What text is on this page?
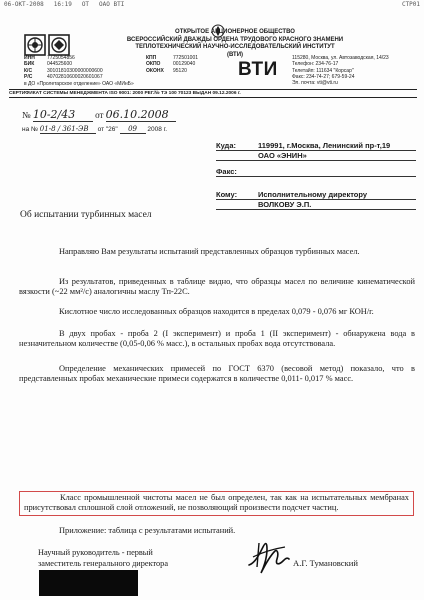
06-OKT-2008 16:19 OT OAO BTI	CTP01
ОТКРЫТОЕ АКЦИОНЕРНОЕ ОБЩЕСТВО
ВСЕРОССИЙСКИЙ ДВАЖДЫ ОРДЕНА ТРУДОВОГО КРАСНОГО ЗНАМЕНИ
ТЕПЛОТЕХНИЧЕСКИЙ НАУЧНО-ИССЛЕДОВАТЕЛЬСКИЙ ИНСТИТУТ
(ВТИ)
ИНН	7725054856
БИК	044525600
К/С	30101810300000000600
Р/С	40702810600020601067
в ДО «Пролетарское отделение» ОАО «МИнБ»
КПП	772501001
ОКПО	00129040
ОКОНХ	95120	ВТИ
115280, Москва, ул. Автозаводская, 14/23
Телефон: 234-76-17
Телетайп: 111634 "Корсар"
Факс: 234-74-27; 679-59-24
Эл. почта: vti@vti.ru
СЕРТИФИКАТ СИСТЕМЫ МЕНЕДЖМЕНТА ISO 9001: 2000 РЕГ.№ ТЭ 100 70123 ВЫДАН 09.12.2006 г.
№ 10-2/43 от 06.10.2008
на № 01-8 / 361-ЭВ от "26" 09 2008 г.
Куда:	119991, г.Москва, Ленинский пр-т,19
ОАО «ЭНИН»
Факс:
Кому:	Исполнительному директору
ВОЛКОВУ Э.П.
Об испытании турбинных масел

Направляю Вам результаты испытаний представленных образцов турбинных масел.

Из результатов, приведенных в таблице видно, что образцы масел по величине кинематической вязкости (~22 мм²/с) аналогичны маслу Тп-22С.

Кислотное число исследованных образцов находится в пределах 0,079 - 0,076 мг КОН/г.

В двух пробах - проба 2 (I эксперимент) и проба 1 (II эксперимент) - обнаружена вода в незначительном количестве (0,05-0,06 % масс.), в остальных пробах вода отсутствовала.

Определение механических примесей по ГОСТ 6370 (весовой метод) показало, что в представленных пробах механические примеси содержатся в количестве 0,011- 0,017 % масс.

Класс промышленной чистоты масел не был определен, так как на испытательных мембранах присутствовал сплошной слой отложений, не позволяющий произвести подсчет частиц.

Приложение: таблица с результатами испытаний.
Научный руководитель - первый
заместитель генерального директора	А.Г. Тумановский
